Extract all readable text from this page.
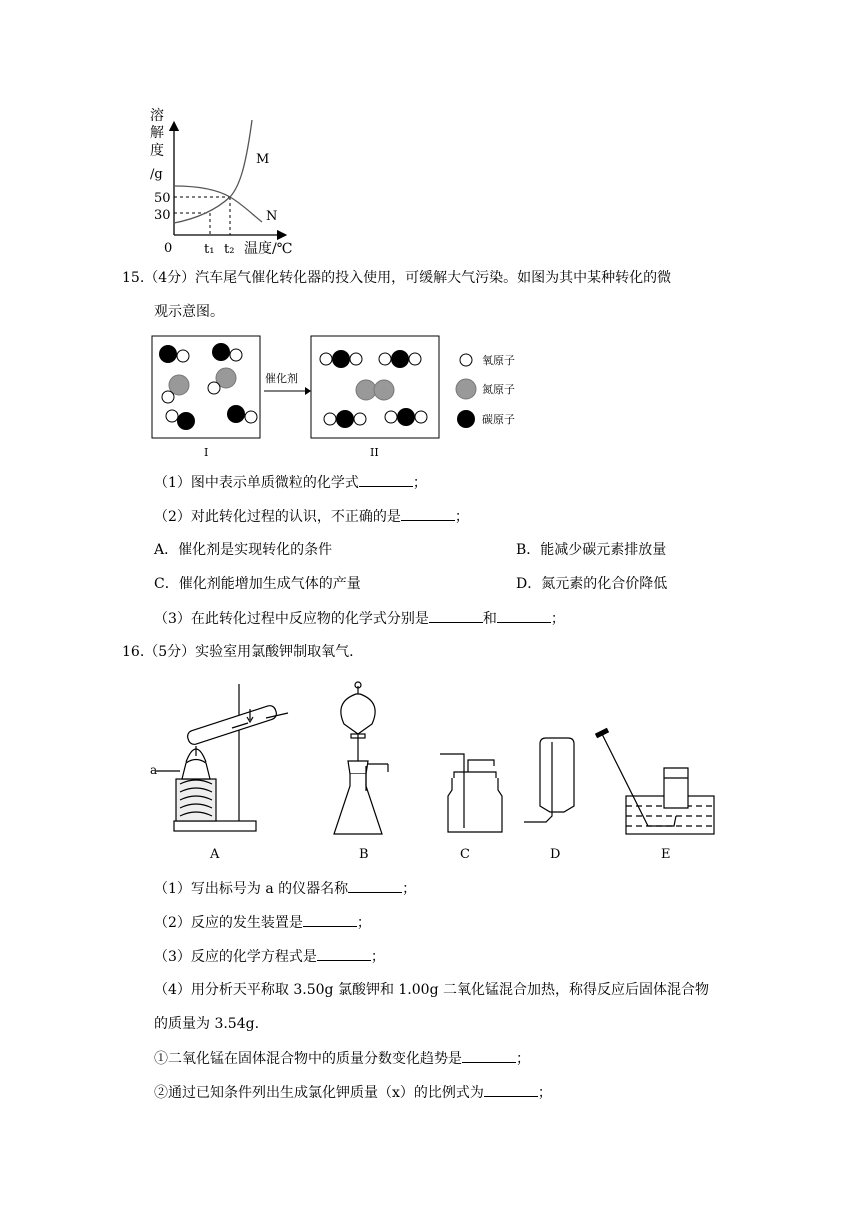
溶
解
度
/g
50
30
M
N
0 t₁ t₂ 温度/℃
15.（4分）汽车尾气催化转化器的投入使用，可缓解大气污染。如图为其中某种转化的微
观示意图。
催化剂
I	II
氧原子
氮原子
碳原子
（1）图中表示单质微粒的化学式	；
（2）对此转化过程的认识，不正确的是	；
A．催化剂是实现转化的条件	B．能减少碳元素排放量
C．催化剂能增加生成气体的产量	D．氮元素的化合价降低
（3）在此转化过程中反应物的化学式分别是	和	；
16.（5分）实验室用氯酸钾制取氧气.
a
A	B	C	D	E
（1）写出标号为 a 的仪器名称	；
（2）反应的发生装置是	；
（3）反应的化学方程式是	；
（4）用分析天平称取 3.50g 氯酸钾和 1.00g 二氧化锰混合加热，称得反应后固体混合物
的质量为 3.54g.
①二氧化锰在固体混合物中的质量分数变化趋势是	；
②通过已知条件列出生成氯化钾质量（x）的比例式为	；
